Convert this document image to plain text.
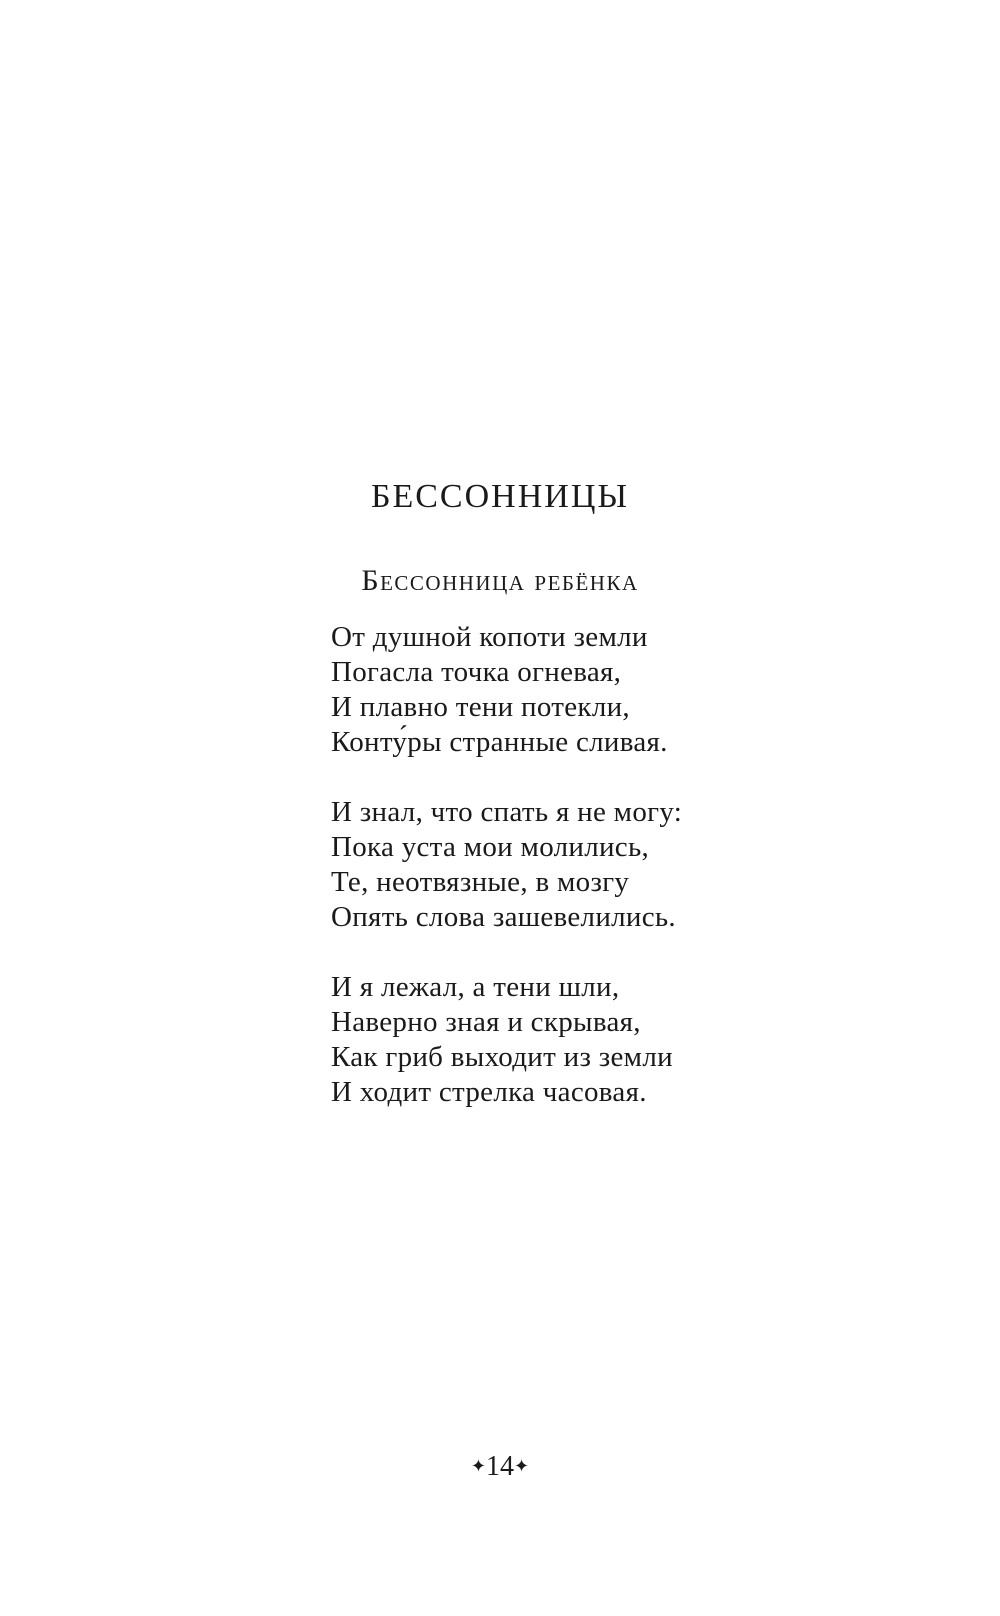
БЕССОННИЦЫ
Бессонница ребёнка

От душной копоти земли
Погасла точка огневая,
И плавно тени потекли,
Конту́ры странные сливая.

И знал, что спать я не могу:
Пока уста мои молились,
Те, неотвязные, в мозгу
Опять слова зашевелились.

И я лежал, а тени шли,
Наверно зная и скрывая,
Как гриб выходит из земли
И ходит стрелка часовая.

✦14✦
